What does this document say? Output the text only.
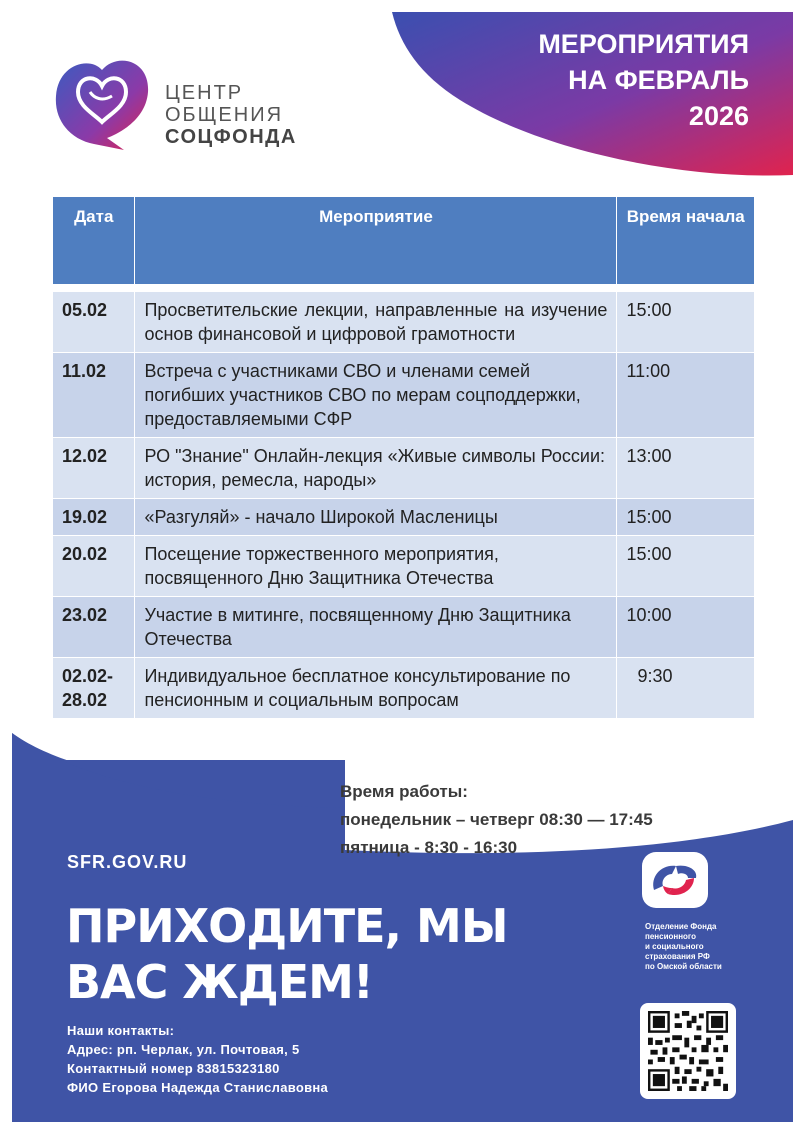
ЦЕНТР
ОБЩЕНИЯ
СОЦФОНДА
МЕРОПРИЯТИЯ
НА ФЕВРАЛЬ
2026
Дата	Мероприятие	Время начала

05.02	Просветительские лекции, направленные на изучение основ финансовой и цифровой грамотности	15:00
11.02	Встреча с участниками СВО и членами семей погибших участников СВО по мерам соцподдержки, предоставляемыми СФР	11:00
12.02	РО "Знание" Онлайн-лекция «Живые символы России: история, ремесла, народы»	13:00
19.02	«Разгуляй» - начало Широкой Масленицы	15:00
20.02	Посещение торжественного мероприятия, посвященного Дню Защитника Отечества	15:00
23.02	Участие в митинге, посвященному Дню Защитника Отечества	10:00
02.02-28.02	Индивидуальное бесплатное консультирование по пенсионным и социальным вопросам	9:30
Время работы:
понедельник – четверг 08:30 — 17:45
пятница - 8:30 - 16:30
SFR.GOV.RU
ПРИХОДИТЕ, МЫ
ВАС ЖДЕМ!
Наши контакты:
Адрес: рп. Черлак, ул. Почтовая, 5
Контактный номер 83815323180
ФИО Егорова Надежда Станиславовна
Отделение Фонда
пенсионного
и социального
страхования РФ
по Омской области
